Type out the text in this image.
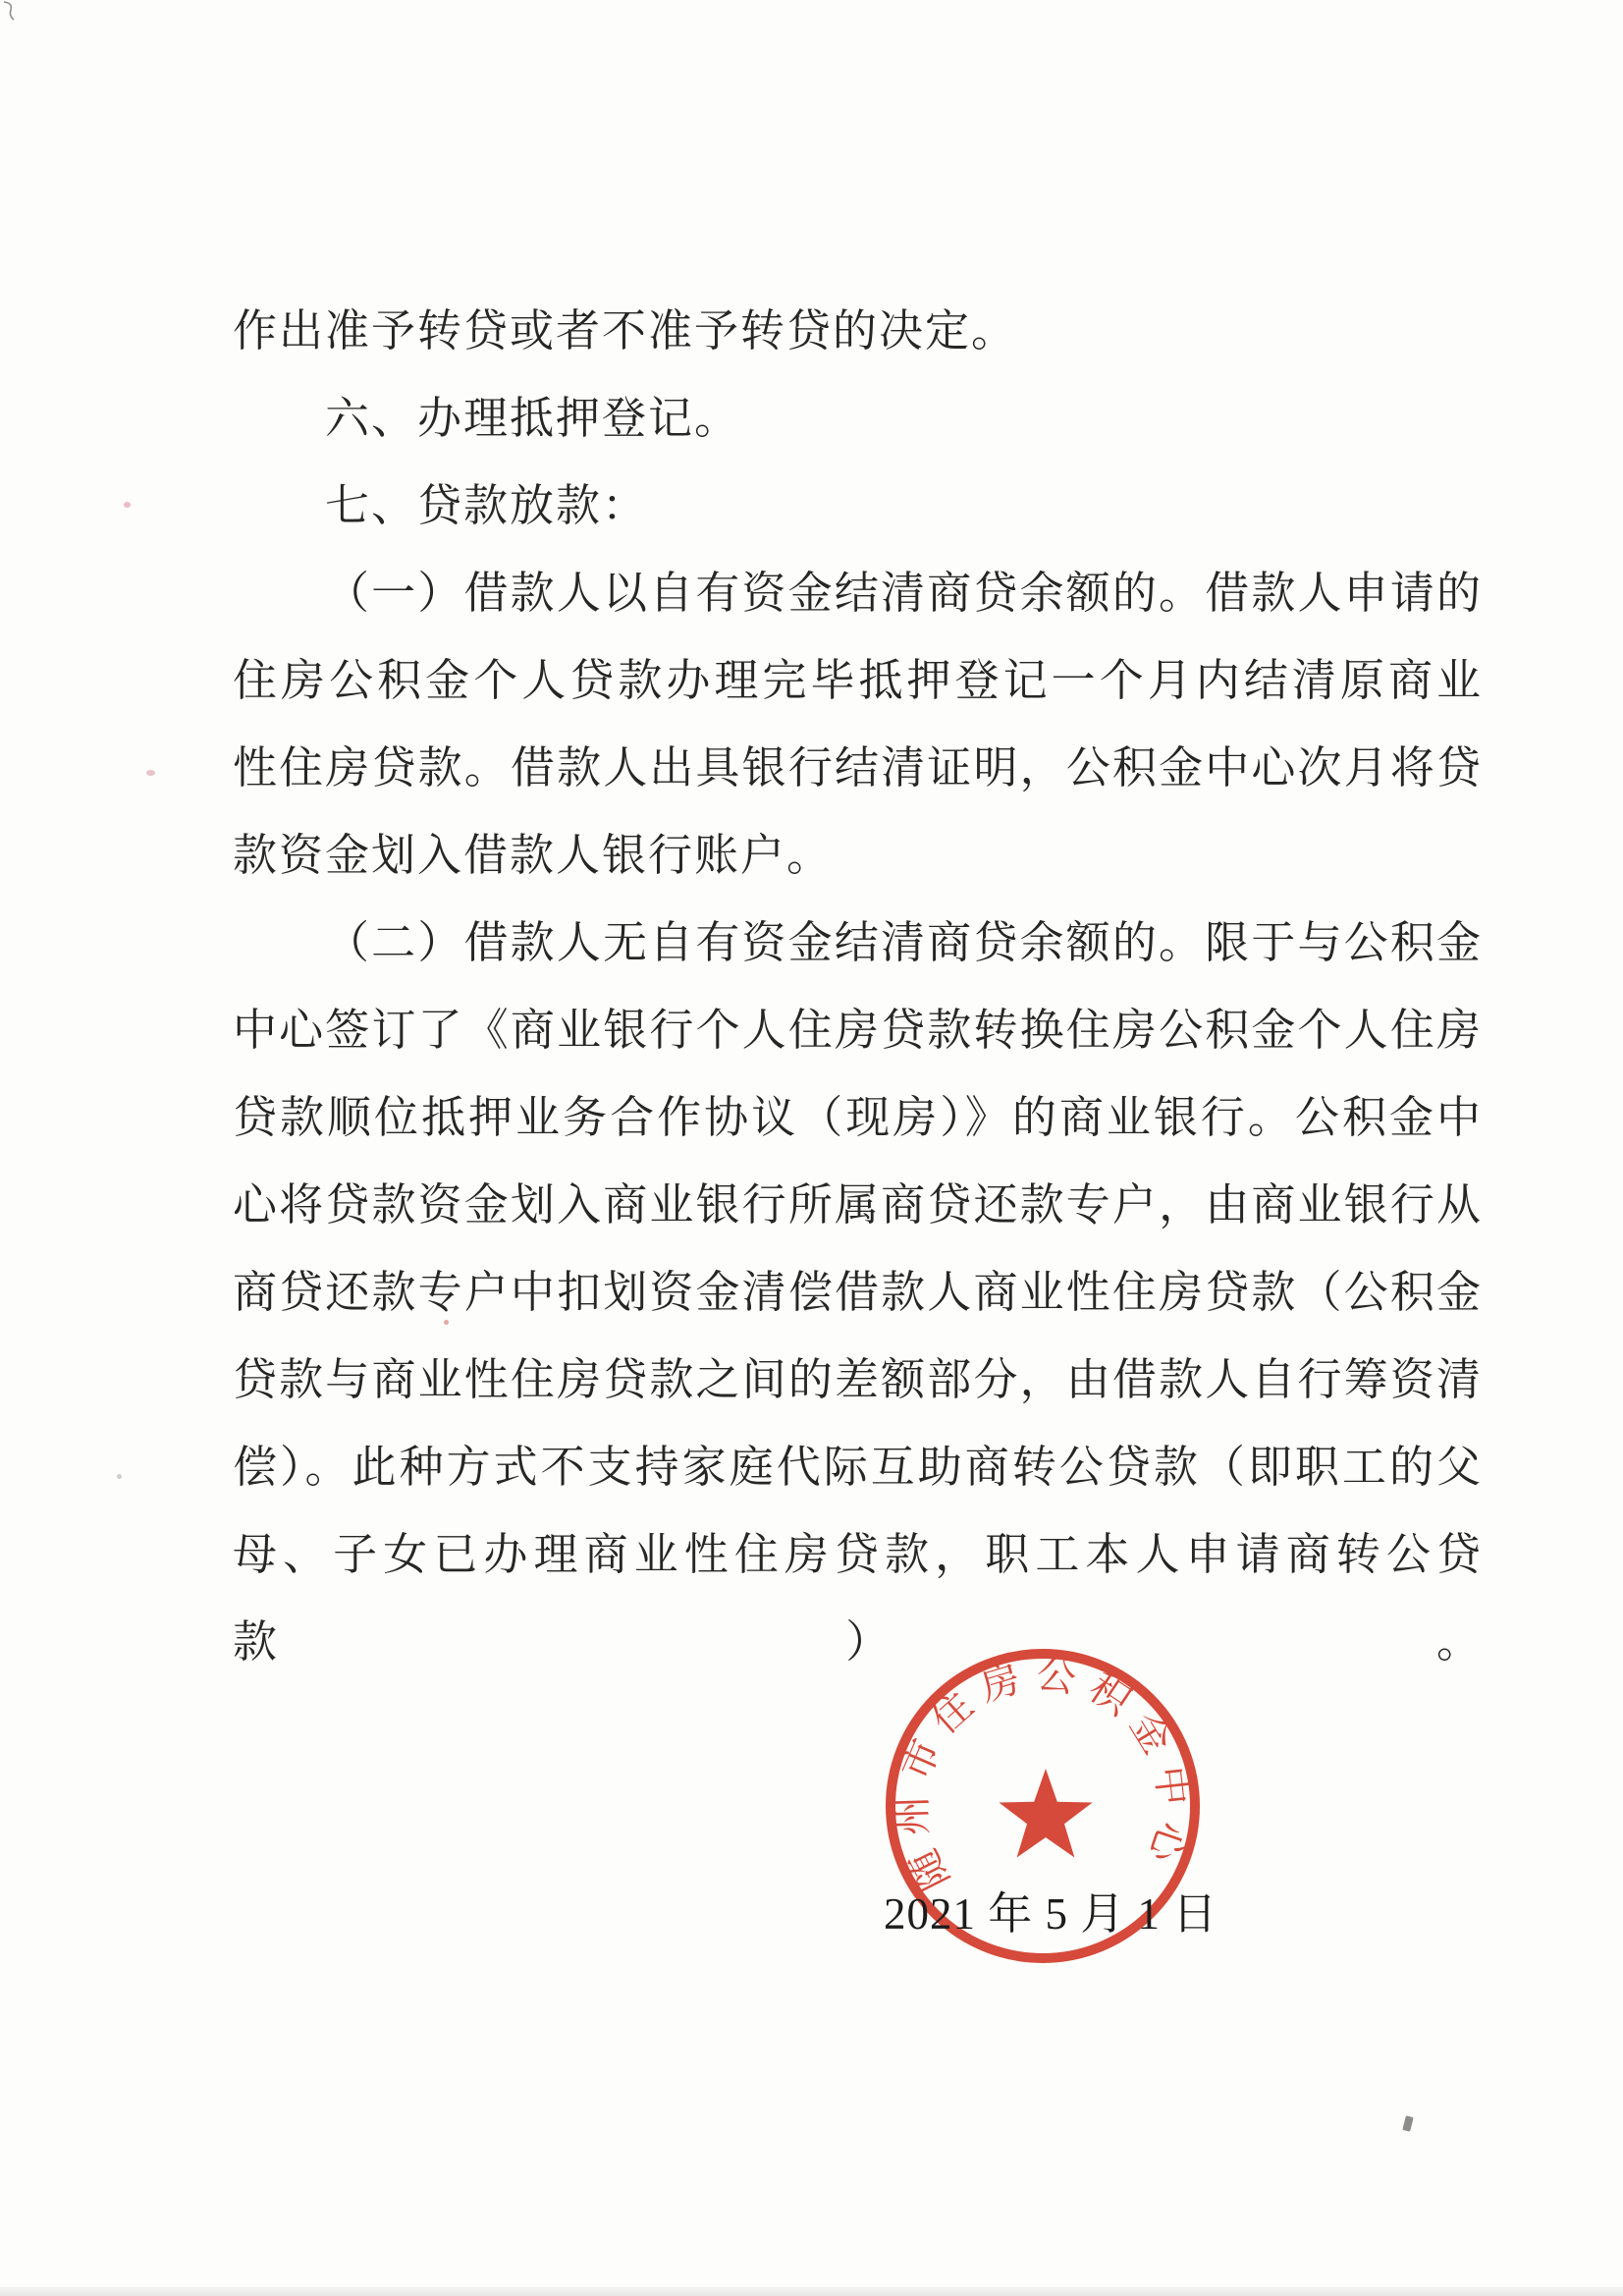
作出准予转贷或者不准予转贷的决定。
六、办理抵押登记。
七、贷款放款：
（一）借款人以自有资金结清商贷余额的。借款人申请的
住房公积金个人贷款办理完毕抵押登记一个月内结清原商业
性住房贷款。借款人出具银行结清证明，公积金中心次月将贷
款资金划入借款人银行账户。
（二）借款人无自有资金结清商贷余额的。限于与公积金
中心签订了《商业银行个人住房贷款转换住房公积金个人住房
贷款顺位抵押业务合作协议（现房）》的商业银行。公积金中
心将贷款资金划入商业银行所属商贷还款专户，由商业银行从
商贷还款专户中扣划资金清偿借款人商业性住房贷款（公积金
贷款与商业性住房贷款之间的差额部分，由借款人自行筹资清
偿）。此种方式不支持家庭代际互助商转公贷款（即职工的父
母、子女已办理商业性住房贷款，职工本人申请商转公贷款）。
随州市住房公积金中心
2021 年 5 月 1 日
